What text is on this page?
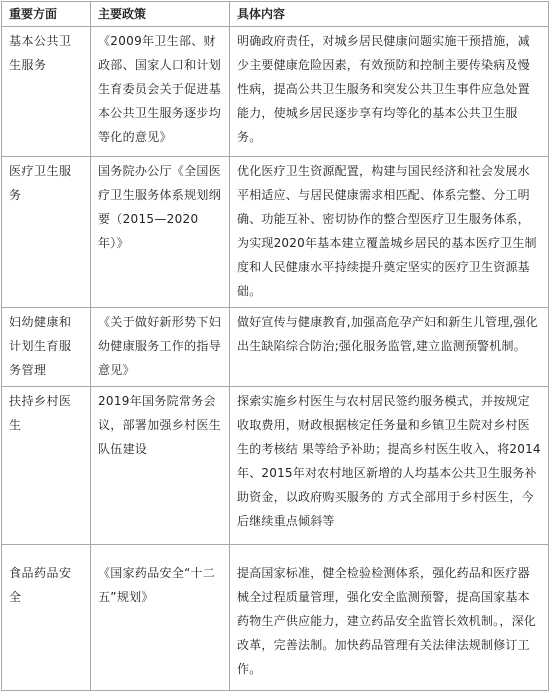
重要方面	主要政策	具体内容
基本公共卫生服务	《2009年卫生部、财政部、国家人口和计划生育委员会关于促进基本公共卫生服务逐步均等化的意见》	明确政府责任，对城乡居民健康问题实施干预措施，减少主要健康危险因素，有效预防和控制主要传染病及慢性病，提高公共卫生服务和突发公共卫生事件应急处置能力，使城乡居民逐步享有均等化的基本公共卫生服务。
医疗卫生服务	国务院办公厅《全国医疗卫生服务体系规划纲要（2015—2020年）》	优化医疗卫生资源配置，构建与国民经济和社会发展水平相适应、与居民健康需求相匹配、体系完整、分工明确、功能互补、密切协作的整合型医疗卫生服务体系，为实现2020年基本建立覆盖城乡居民的基本医疗卫生制度和人民健康水平持续提升奠定坚实的医疗卫生资源基础。
妇幼健康和计划生育服务管理	《关于做好新形势下妇幼健康服务工作的指导意见》	做好宣传与健康教育,加强高危孕产妇和新生儿管理,强化出生缺陷综合防治;强化服务监管,建立监测预警机制。
扶持乡村医生	2019年国务院常务会议，部署加强乡村医生队伍建设	探索实施乡村医生与农村居民签约服务模式，并按规定收取费用，财政根据核定任务量和乡镇卫生院对乡村医生的考核结 果等给予补助；提高乡村医生收入，将2014年、2015年对农村地区新增的人均基本公共卫生服务补助资金，以政府购买服务的 方式全部用于乡村医生，今后继续重点倾斜等
食品药品安全	《国家药品安全“十二五”规划》	提高国家标准，健全检验检测体系，强化药品和医疗器械全过程质量管理，强化安全监测预警，提高国家基本药物生产供应能力，建立药品安全监管长效机制。，深化改革，完善法制。加快药品管理有关法律法规制修订工作。
